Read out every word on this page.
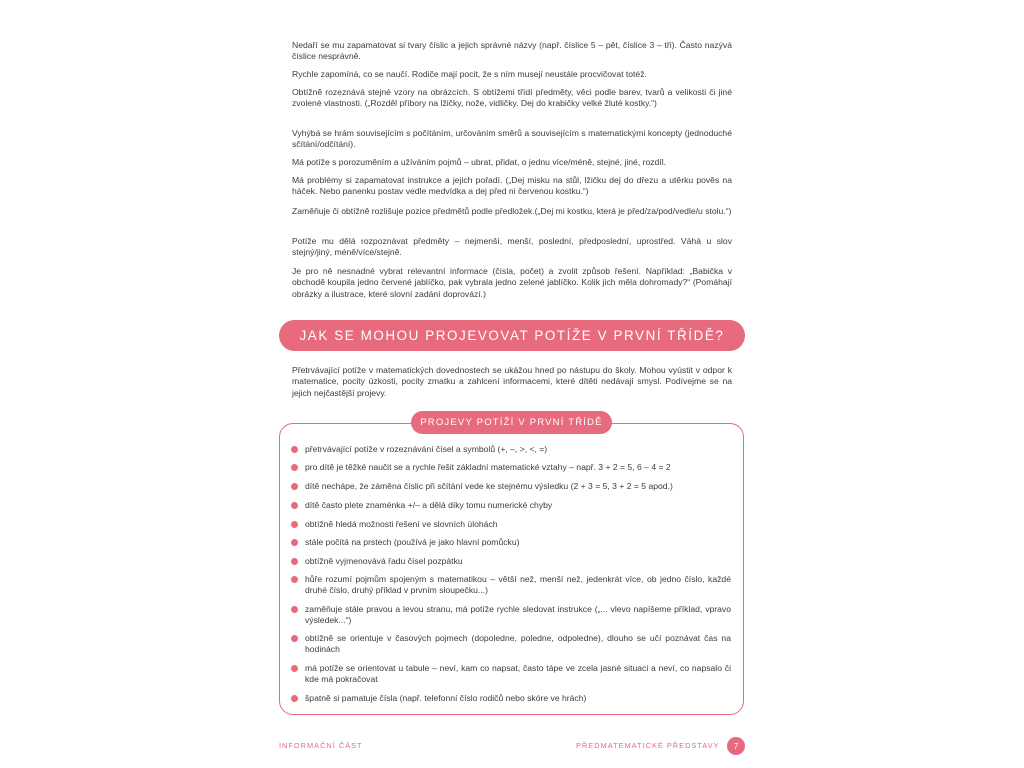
Nedaří se mu zapamatovat si tvary číslic a jejich správné názvy (např. číslice 5 – pět, číslice 3 – tři). Často nazývá číslice nesprávně.

Rychle zapomíná, co se naučí. Rodiče mají pocit, že s ním musejí neustále procvičovat totéž.

Obtížně rozeznává stejné vzory na obrázcích. S obtížemi třídí předměty, věci podle barev, tvarů a velikosti či jiné zvolené vlastnosti. („Rozděl příbory na lžičky, nože, vidličky. Dej do krabičky velké žluté kostky.“)

Vyhýbá se hrám souvisejícím s počítáním, určováním směrů a souvisejícím s matematickými koncepty (jednoduché sčítání/odčítání).

Má potíže s porozuměním a užíváním pojmů – ubrat, přidat, o jednu více/méně, stejné, jiné, rozdíl.

Má problémy si zapamatovat instrukce a jejich pořadí. („Dej misku na stůl, lžičku dej do dřezu a utěrku pověs na háček. Nebo panenku postav vedle medvídka a dej před ni červenou kostku.“)

Zaměňuje či obtížně rozlišuje pozice předmětů podle předložek.(„Dej mi kostku, která je před/za/pod/vedle/u stolu.“)

Potíže mu dělá rozpoznávat předměty – nejmenší, menší, poslední, předposlední, uprostřed. Váhá u slov stejný/jiný, méně/více/stejně.

Je pro ně nesnadné vybrat relevantní informace (čísla, počet) a zvolit způsob řešení. Například: „Babička v obchodě koupila jedno červené jablíčko, pak vybrala jedno zelené jablíčko. Kolik jich měla dohromady?“ (Pomáhají obrázky a ilustrace, které slovní zadání doprovází.)

JAK SE MOHOU PROJEVOVAT POTÍŽE V PRVNÍ TŘÍDĚ?

Přetrvávající potíže v matematických dovednostech se ukážou hned po nástupu do školy. Mohou vyústit v odpor k matematice, pocity úzkosti, pocity zmatku a zahlcení informacemi, které dítěti nedávají smysl. Podívejme se na jejich nejčastější projevy.

PROJEVY POTÍŽÍ V PRVNÍ TŘÍDĚ
přetrvávající potíže v rozeznávání čísel a symbolů (+, –, >, <, =)
pro dítě je těžké naučit se a rychle řešit základní matematické vztahy – např. 3 + 2 = 5, 6 – 4 = 2
dítě nechápe, že záměna číslic při sčítání vede ke stejnému výsledku (2 + 3 = 5, 3 + 2 = 5 apod.)
dítě často plete znaménka +/– a dělá díky tomu numerické chyby
obtížně hledá možnosti řešení ve slovních úlohách
stále počítá na prstech (používá je jako hlavní pomůcku)
obtížně vyjmenovává řadu čísel pozpátku
hůře rozumí pojmům spojeným s matematikou – větší než, menší než, jedenkrát více, ob jedno číslo, každé druhé číslo, druhý příklad v prvním sloupečku...)
zaměňuje stále pravou a levou stranu, má potíže rychle sledovat instrukce („... vlevo napíšeme příklad, vpravo výsledek...“)
obtížně se orientuje v časových pojmech (dopoledne, poledne, odpoledne), dlouho se učí poznávat čas na hodinách
má potíže se orientovat u tabule – neví, kam co napsat, často tápe ve zcela jasné situaci a neví, co napsalo či kde má pokračovat
špatně si pamatuje čísla (např. telefonní číslo rodičů nebo skóre ve hrách)
INFORMAČNÍ ČÁST	PŘEDMATEMATICKÉ PŘEDSTAVY	7
